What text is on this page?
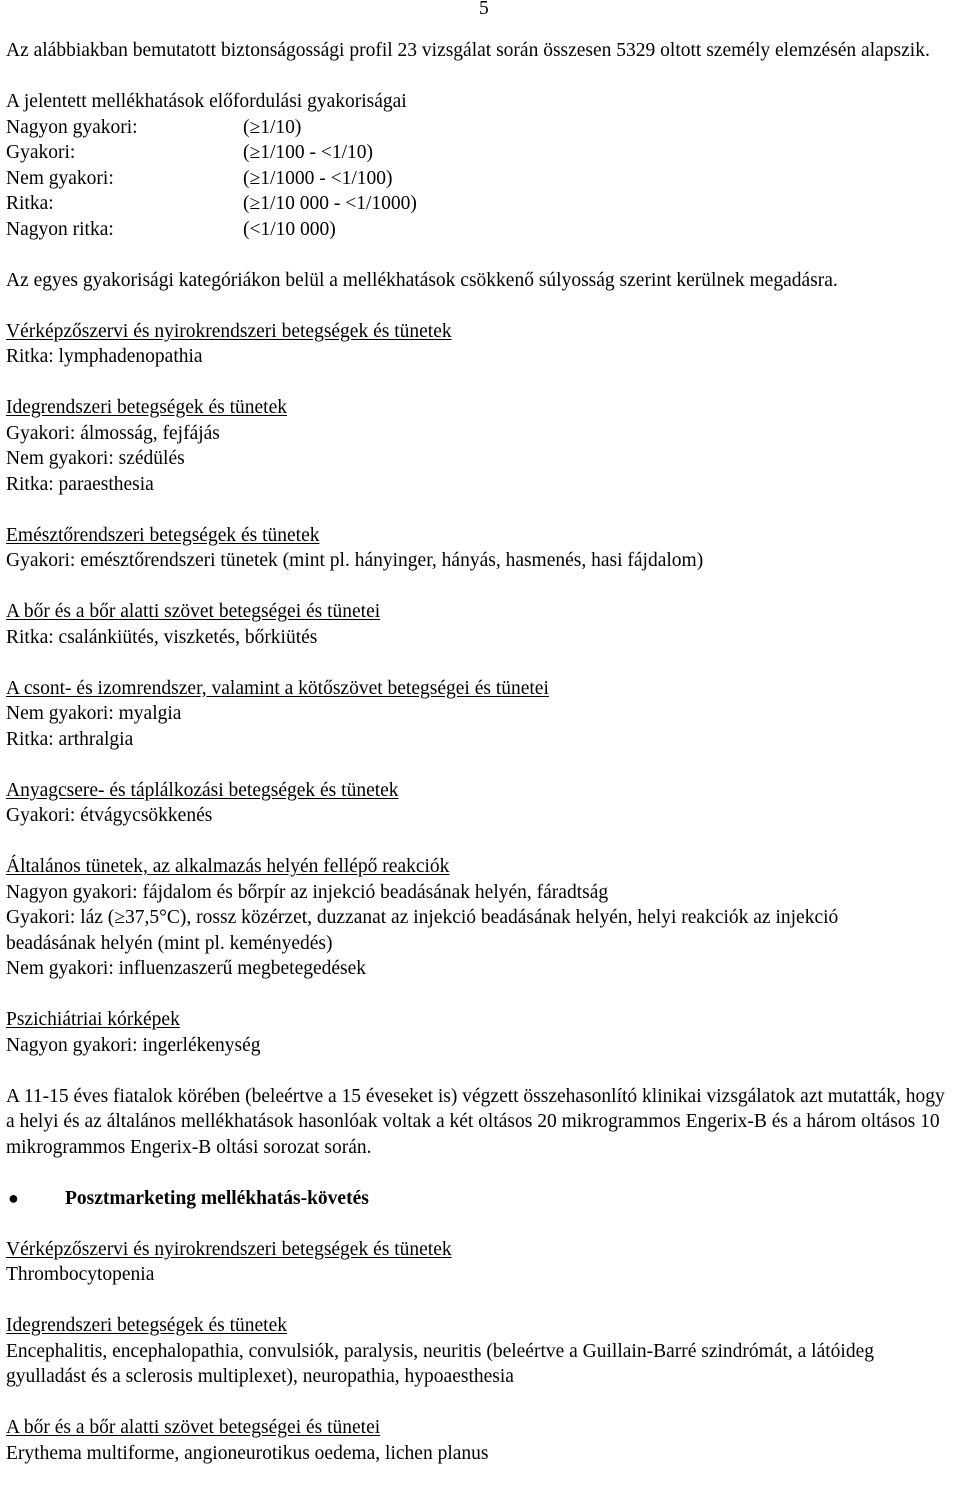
5
Az alábbiakban bemutatott biztonságossági profil 23 vizsgálat során összesen 5329 oltott személy elemzésén alapszik.
A jelentett mellékhatások előfordulási gyakoriságai
Nagyon gyakori:	(≥1/10)
Gyakori:	(≥1/100 - <1/10)
Nem gyakori:	(≥1/1000 - <1/100)
Ritka:	(≥1/10 000 - <1/1000)
Nagyon ritka:	(<1/10 000)
Az egyes gyakorisági kategóriákon belül a mellékhatások csökkenő súlyosság szerint kerülnek megadásra.
Vérképzőszervi és nyirokrendszeri betegségek és tünetek
Ritka: lymphadenopathia
Idegrendszeri betegségek és tünetek
Gyakori: álmosság, fejfájás
Nem gyakori: szédülés
Ritka: paraesthesia
Emésztőrendszeri betegségek és tünetek
Gyakori: emésztőrendszeri tünetek (mint pl. hányinger, hányás, hasmenés, hasi fájdalom)
A bőr és a bőr alatti szövet betegségei és tünetei
Ritka: csalánkiütés, viszketés, bőrkiütés
A csont- és izomrendszer, valamint a kötőszövet betegségei és tünetei
Nem gyakori: myalgia
Ritka: arthralgia
Anyagcsere- és táplálkozási betegségek és tünetek
Gyakori: étvágycsökkenés
Általános tünetek, az alkalmazás helyén fellépő reakciók
Nagyon gyakori: fájdalom és bőrpír az injekció beadásának helyén, fáradtság
Gyakori: láz (≥37,5°C), rossz közérzet, duzzanat az injekció beadásának helyén, helyi reakciók az injekció beadásának helyén (mint pl. keményedés)
Nem gyakori: influenzaszerű megbetegedések
Pszichiátriai kórképek
Nagyon gyakori: ingerlékenység
A 11-15 éves fiatalok körében (beleértve a 15 éveseket is) végzett összehasonlító klinikai vizsgálatok azt mutatták, hogy a helyi és az általános mellékhatások hasonlóak voltak a két oltásos 20 mikrogrammos Engerix-B és a három oltásos 10 mikrogrammos Engerix-B oltási sorozat során.
●	Posztmarketing mellékhatás-követés
Vérképzőszervi és nyirokrendszeri betegségek és tünetek
Thrombocytopenia
Idegrendszeri betegségek és tünetek
Encephalitis, encephalopathia, convulsiók, paralysis, neuritis (beleértve a Guillain-Barré szindrómát, a látóideg gyulladást és a sclerosis multiplexet), neuropathia, hypoaesthesia
A bőr és a bőr alatti szövet betegségei és tünetei
Erythema multiforme, angioneurotikus oedema, lichen planus
